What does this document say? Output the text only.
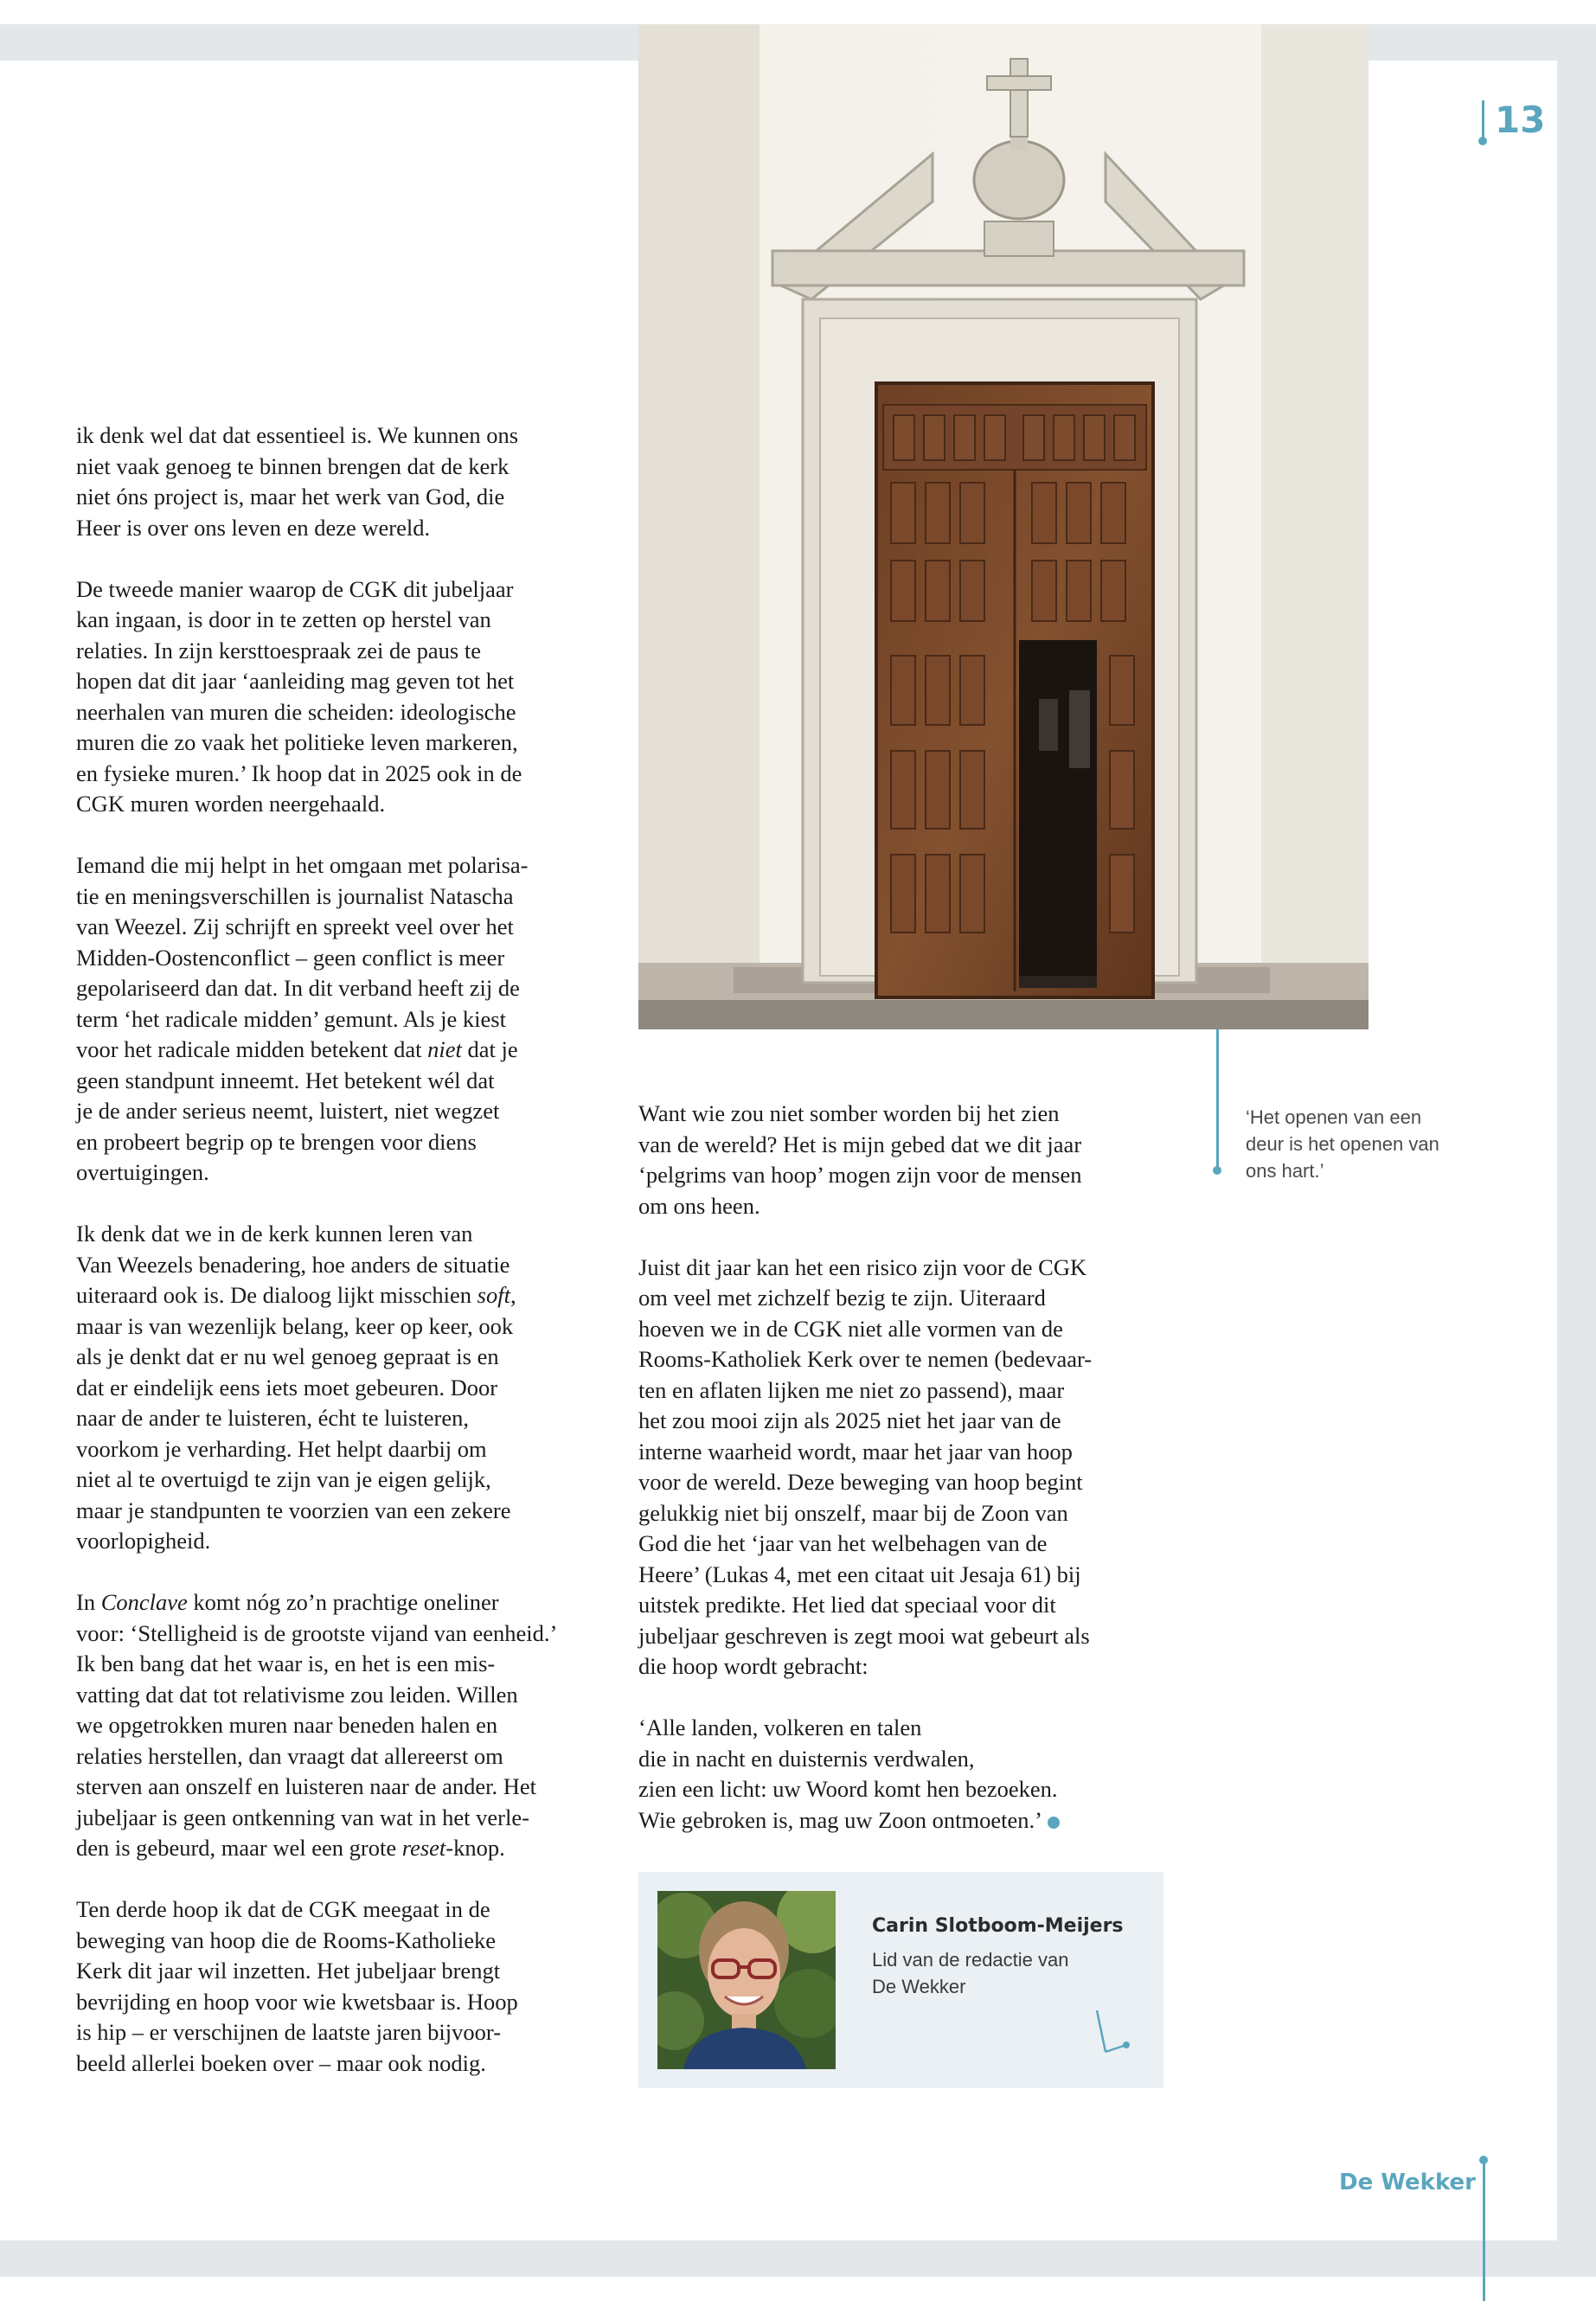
13

ik denk wel dat dat essentieel is. We kunnen ons
niet vaak genoeg te binnen brengen dat de kerk
niet óns project is, maar het werk van God, die
Heer is over ons leven en deze wereld.

De tweede manier waarop de CGK dit jubeljaar
kan ingaan, is door in te zetten op herstel van
relaties. In zijn kersttoespraak zei de paus te
hopen dat dit jaar ‘aanleiding mag geven tot het
neerhalen van muren die scheiden: ideologische
muren die zo vaak het politieke leven markeren,
en fysieke muren.’ Ik hoop dat in 2025 ook in de
CGK muren worden neergehaald.

Iemand die mij helpt in het omgaan met polarisa-
tie en meningsverschillen is journalist Natascha
van Weezel. Zij schrijft en spreekt veel over het
Midden-Oostenconflict – geen conflict is meer
gepolariseerd dan dat. In dit verband heeft zij de
term ‘het radicale midden’ gemunt. Als je kiest
voor het radicale midden betekent dat niet dat je
geen standpunt inneemt. Het betekent wél dat
je de ander serieus neemt, luistert, niet wegzet
en probeert begrip op te brengen voor diens
overtuigingen.

Ik denk dat we in de kerk kunnen leren van
Van Weezels benadering, hoe anders de situatie
uiteraard ook is. De dialoog lijkt misschien soft,
maar is van wezenlijk belang, keer op keer, ook
als je denkt dat er nu wel genoeg gepraat is en
dat er eindelijk eens iets moet gebeuren. Door
naar de ander te luisteren, écht te luisteren,
voorkom je verharding. Het helpt daarbij om
niet al te overtuigd te zijn van je eigen gelijk,
maar je standpunten te voorzien van een zekere
voorlopigheid.

In Conclave komt nóg zo’n prachtige oneliner
voor: ‘Stelligheid is de grootste vijand van eenheid.’
Ik ben bang dat het waar is, en het is een mis-
vatting dat dat tot relativisme zou leiden. Willen
we opgetrokken muren naar beneden halen en
relaties herstellen, dan vraagt dat allereerst om
sterven aan onszelf en luisteren naar de ander. Het
jubeljaar is geen ontkenning van wat in het verle-
den is gebeurd, maar wel een grote reset-knop.

Ten derde hoop ik dat de CGK meegaat in de
beweging van hoop die de Rooms-Katholieke
Kerk dit jaar wil inzetten. Het jubeljaar brengt
bevrijding en hoop voor wie kwetsbaar is. Hoop
is hip – er verschijnen de laatste jaren bijvoor-
beeld allerlei boeken over – maar ook nodig.

Want wie zou niet somber worden bij het zien
van de wereld? Het is mijn gebed dat we dit jaar
‘pelgrims van hoop’ mogen zijn voor de mensen
om ons heen.

Juist dit jaar kan het een risico zijn voor de CGK
om veel met zichzelf bezig te zijn. Uiteraard
hoeven we in de CGK niet alle vormen van de
Rooms-Katholiek Kerk over te nemen (bedevaar-
ten en aflaten lijken me niet zo passend), maar
het zou mooi zijn als 2025 niet het jaar van de
interne waarheid wordt, maar het jaar van hoop
voor de wereld. Deze beweging van hoop begint
gelukkig niet bij onszelf, maar bij de Zoon van
God die het ‘jaar van het welbehagen van de
Heere’ (Lukas 4, met een citaat uit Jesaja 61) bij
uitstek predikte. Het lied dat speciaal voor dit
jubeljaar geschreven is zegt mooi wat gebeurt als
die hoop wordt gebracht:

‘Alle landen, volkeren en talen
die in nacht en duisternis verdwalen,
zien een licht: uw Woord komt hen bezoeken.
Wie gebroken is, mag uw Zoon ontmoeten.’

‘Het openen van een
deur is het openen van
ons hart.’
Carin Slotboom-Meijers
Lid van de redactie van
De Wekker
De Wekker
